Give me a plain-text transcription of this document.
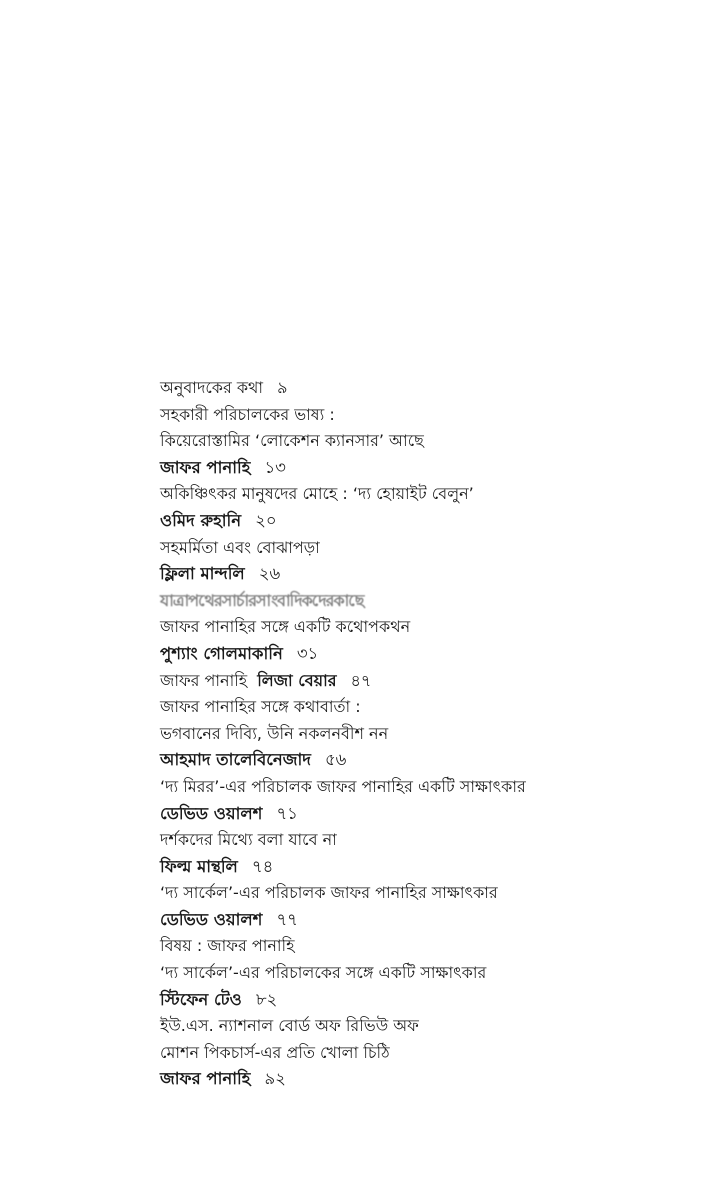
অনুবাদকের কথা ৯
সহকারী পরিচালকের ভাষ্য :
কিয়েরোস্তামির ‘লোকেশন ক্যানসার’ আছে
জাফর পানাহি ১৩
অকিঞ্চিৎকর মানুষদের মোহে : ‘দ্য হোয়াইট বেলুন’
ওমিদ রুহানি ২০
সহমর্মিতা এবং বোঝাপড়া
ফ্লিলা মান্দলি ২৬
যাত্রাপথেরসার্চারসাংবাদিকদেরকাছে
জাফর পানাহির সঙ্গে একটি কথোপকথন
পুশ্যাং গোলমাকানি ৩১
জাফর পানাহি লিজা বেয়ার ৪৭
জাফর পানাহির সঙ্গে কথাবার্তা :
ভগবানের দিব্যি, উনি নকলনবীশ নন
আহমাদ তালেবিনেজাদ ৫৬
‘দ্য মিরর’-এর পরিচালক জাফর পানাহির একটি সাক্ষাৎকার
ডেভিড ওয়ালশ ৭১
দর্শকদের মিথ্যে বলা যাবে না
ফিল্ম মান্থলি ৭৪
‘দ্য সার্কেল’-এর পরিচালক জাফর পানাহির সাক্ষাৎকার
ডেভিড ওয়ালশ ৭৭
বিষয় : জাফর পানাহি
‘দ্য সার্কেল’-এর পরিচালকের সঙ্গে একটি সাক্ষাৎকার
স্টিফেন টেও ৮২
ইউ.এস. ন্যাশনাল বোর্ড অফ রিভিউ অফ
মোশন পিকচার্স-এর প্রতি খোলা চিঠি
জাফর পানাহি ৯২
